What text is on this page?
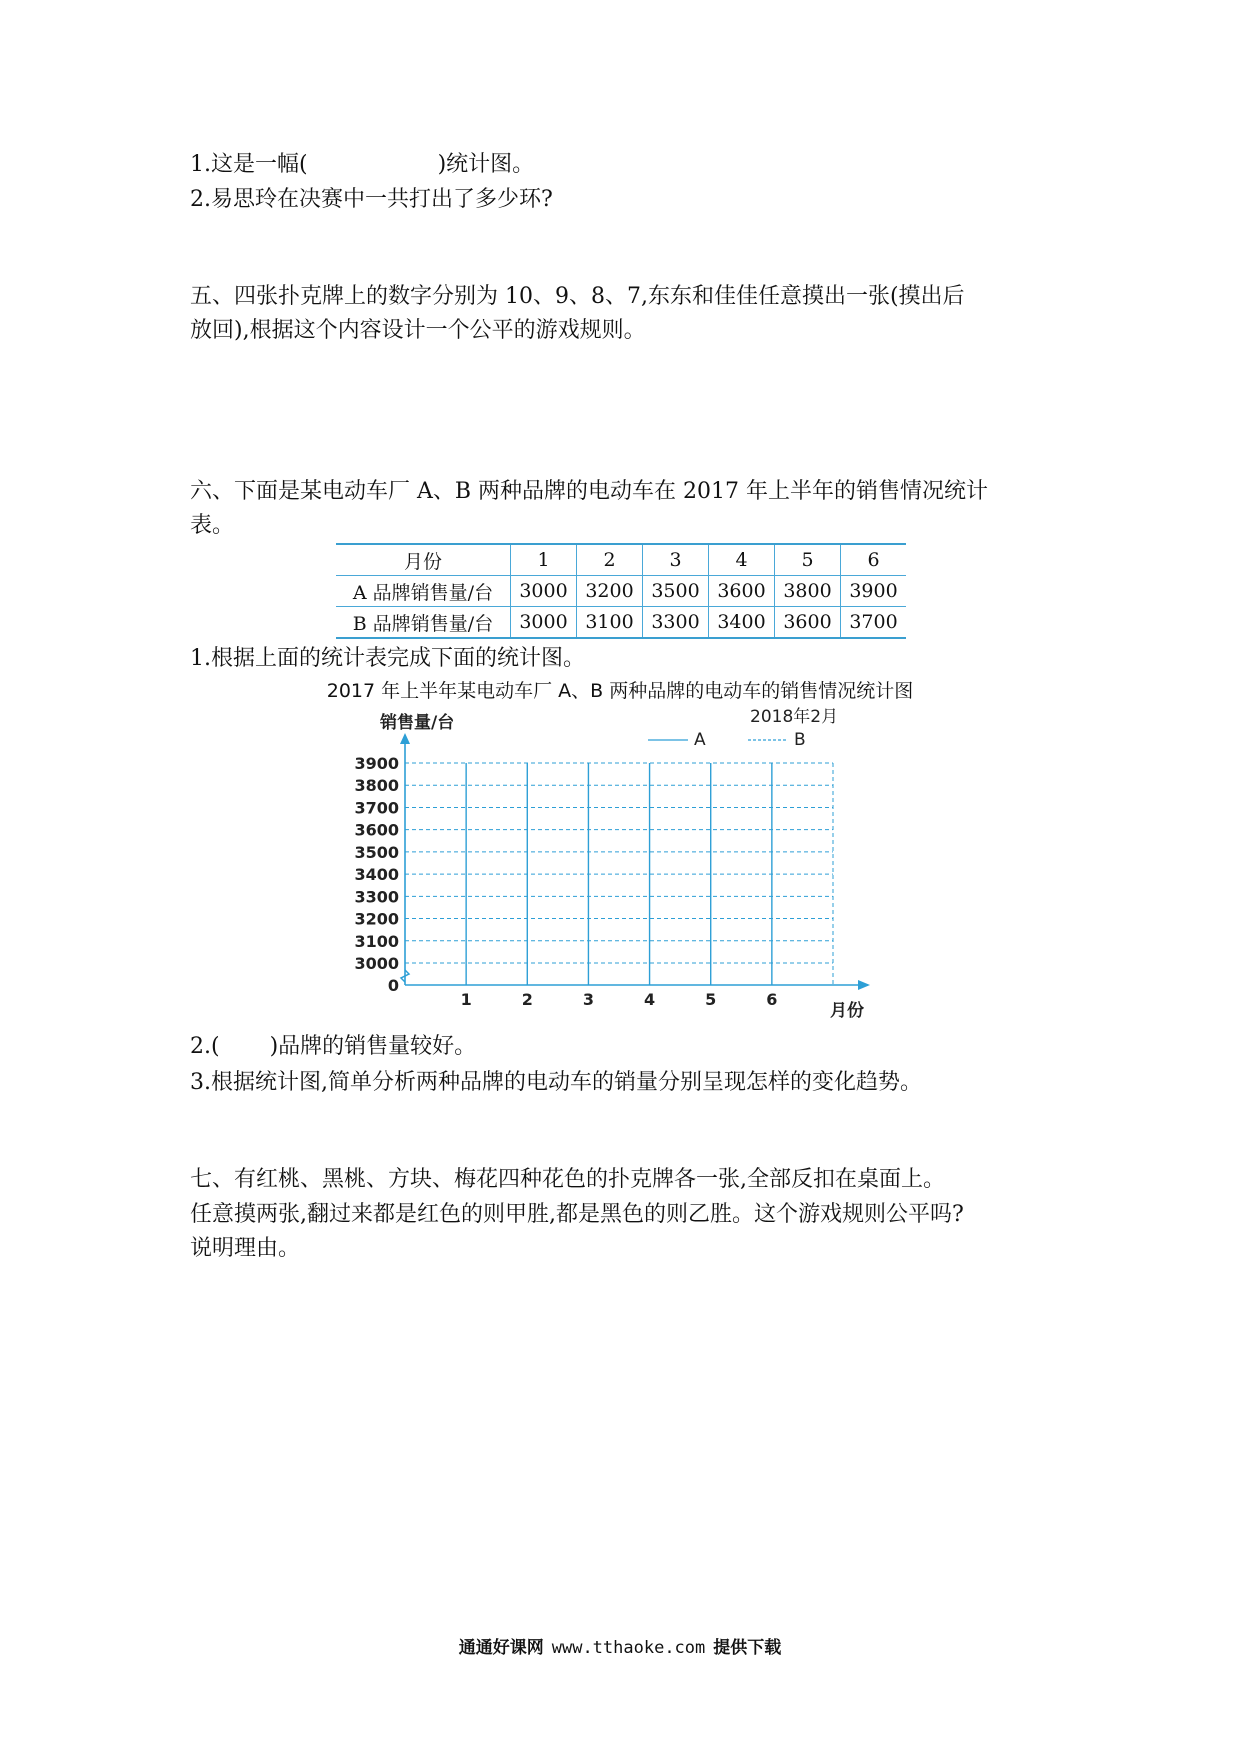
1.这是一幅(	)统计图。
2.易思玲在决赛中一共打出了多少环?
五、四张扑克牌上的数字分别为 10、9、8、7,东东和佳佳任意摸出一张(摸出后
放回),根据这个内容设计一个公平的游戏规则。
六、下面是某电动车厂 A、B 两种品牌的电动车在 2017 年上半年的销售情况统计
表。
月份	1	2	3	4	5	6
A 品牌销售量/台	3000	3200	3500	3600	3800	3900
B 品牌销售量/台	3000	3100	3300	3400	3600	3700
1.根据上面的统计表完成下面的统计图。
2017 年上半年某电动车厂 A、B 两种品牌的电动车的销售情况统计图
0
3000
3100
3200
3300
3400
3500
3600
3700
3800
3900
1	2	3	4	5	6
销售量/台
月份
2018年2月
A	B
2.( )品牌的销售量较好。
3.根据统计图,简单分析两种品牌的电动车的销量分别呈现怎样的变化趋势。
七、有红桃、黑桃、方块、梅花四种花色的扑克牌各一张,全部反扣在桌面上。
任意摸两张,翻过来都是红色的则甲胜,都是黑色的则乙胜。这个游戏规则公平吗?
说明理由。
通通好课网 www.tthaoke.com 提供下载
